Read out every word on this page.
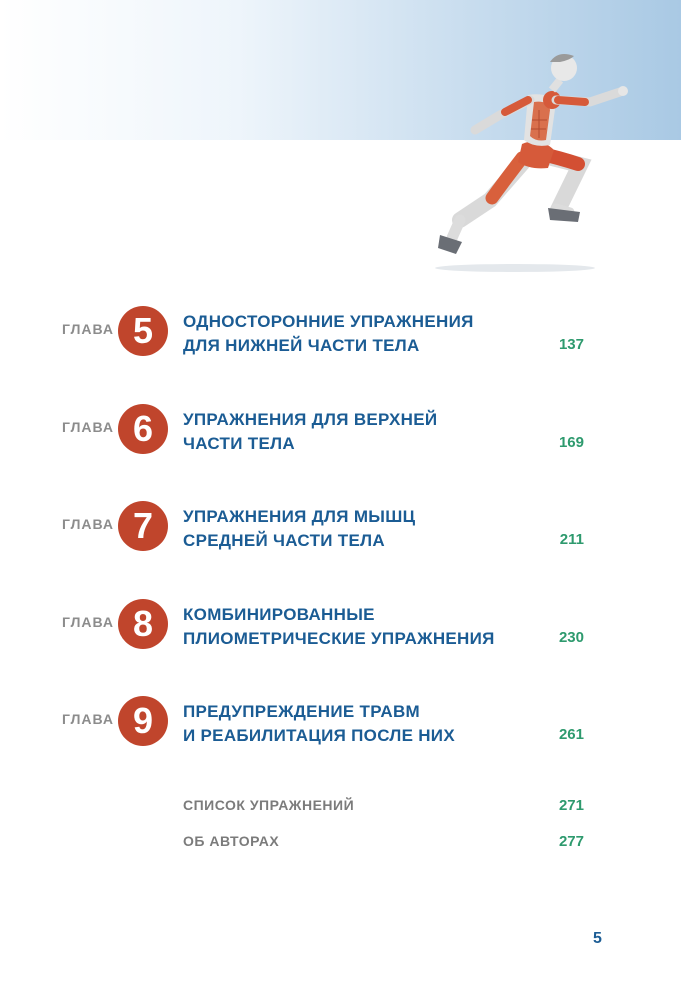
ГЛАВА 5	ОДНОСТОРОННИЕ УПРАЖНЕНИЯ
ДЛЯ НИЖНЕЙ ЧАСТИ ТЕЛА	137
ГЛАВА 6	УПРАЖНЕНИЯ ДЛЯ ВЕРХНЕЙ
ЧАСТИ ТЕЛА	169
ГЛАВА 7	УПРАЖНЕНИЯ ДЛЯ МЫШЦ
СРЕДНЕЙ ЧАСТИ ТЕЛА	211
ГЛАВА 8	КОМБИНИРОВАННЫЕ
ПЛИОМЕТРИЧЕСКИЕ УПРАЖНЕНИЯ	230
ГЛАВА 9	ПРЕДУПРЕЖДЕНИЕ ТРАВМ
И РЕАБИЛИТАЦИЯ ПОСЛЕ НИХ	261
СПИСОК УПРАЖНЕНИЙ	271
ОБ АВТОРАХ	277
5
